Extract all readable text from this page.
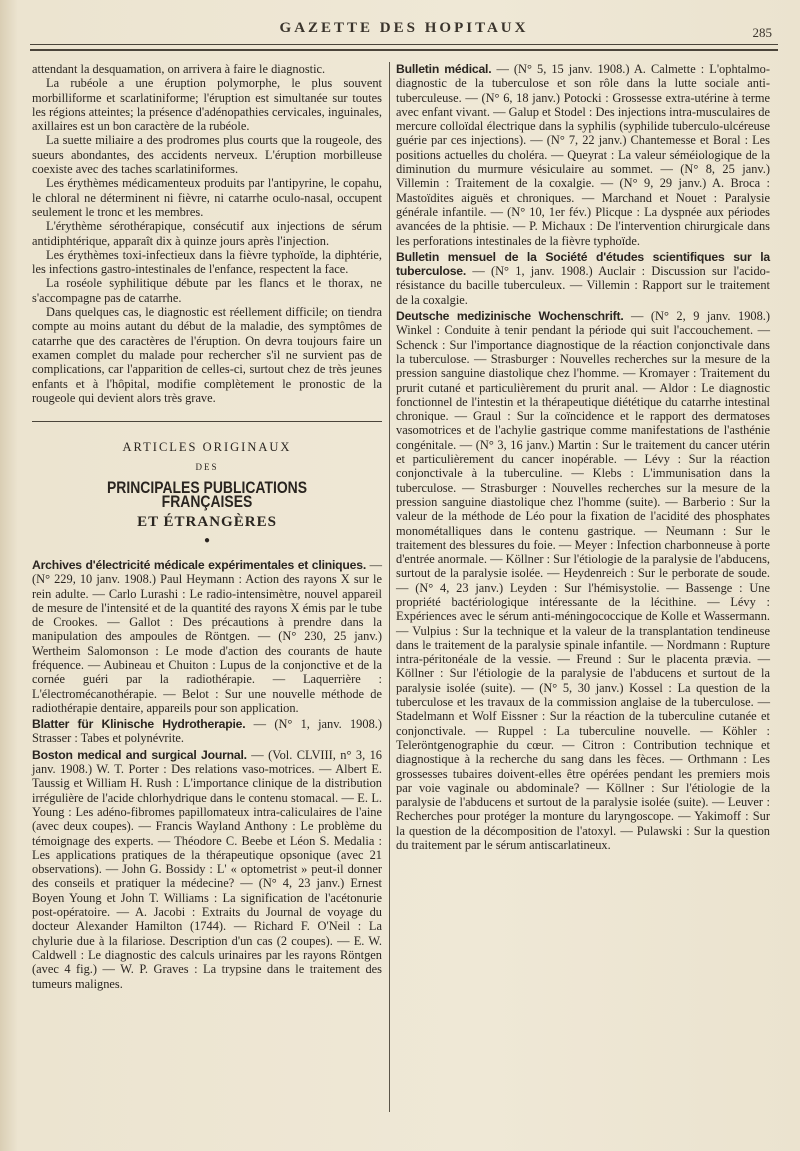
GAZETTE DES HOPITAUX	285

attendant la desquamation, on arrivera à faire le diagnostic.

La rubéole a une éruption polymorphe, le plus souvent morbilliforme et scarlatiniforme; l'éruption est simultanée sur toutes les régions atteintes; la présence d'adénopathies cervicales, inguinales, axillaires est un bon caractère de la rubéole.

La suette miliaire a des prodromes plus courts que la rougeole, des sueurs abondantes, des accidents nerveux. L'éruption morbilleuse coexiste avec des taches scarlatiniformes.

Les érythèmes médicamenteux produits par l'antipyrine, le copahu, le chloral ne déterminent ni fièvre, ni catarrhe oculo-nasal, occupent seulement le tronc et les membres.

L'érythème sérothérapique, consécutif aux injections de sérum antidiphtérique, apparaît dix à quinze jours après l'injection.

Les érythèmes toxi-infectieux dans la fièvre typhoïde, la diphtérie, les infections gastro-intestinales de l'enfance, respectent la face.

La roséole syphilitique débute par les flancs et le thorax, ne s'accompagne pas de catarrhe.

Dans quelques cas, le diagnostic est réellement difficile; on tiendra compte au moins autant du début de la maladie, des symptômes de catarrhe que des caractères de l'éruption. On devra toujours faire un examen complet du malade pour rechercher s'il ne survient pas de complications, car l'apparition de celles-ci, surtout chez de très jeunes enfants et à l'hôpital, modifie complètement le pronostic de la rougeole qui devient alors très grave.

ARTICLES ORIGINAUX
DES
PRINCIPALES PUBLICATIONS FRANÇAISES
ET ÉTRANGÈRES
●
Archives d'électricité médicale expérimentales et cliniques. — (N° 229, 10 janv. 1908.) Paul Heymann : Action des rayons X sur le rein adulte. — Carlo Lurashi : Le radio-intensimètre, nouvel appareil de mesure de l'intensité et de la quantité des rayons X émis par le tube de Crookes. — Gallot : Des précautions à prendre dans la manipulation des ampoules de Röntgen. — (N° 230, 25 janv.) Wertheim Salomonson : Le mode d'action des courants de haute fréquence. — Aubineau et Chuiton : Lupus de la conjonctive et de la cornée guéri par la radiothérapie. — Laquerrière : L'électromécanothérapie. — Belot : Sur une nouvelle méthode de radiothérapie dentaire, appareils pour son application.
Blatter für Klinische Hydrotherapie. — (N° 1, janv. 1908.) Strasser : Tabes et polynévrite.
Boston medical and surgical Journal. — (Vol. CLVIII, n° 3, 16 janv. 1908.) W. T. Porter : Des relations vaso-motrices. — Albert E. Taussig et William H. Rush : L'importance clinique de la distribution irrégulière de l'acide chlorhydrique dans le contenu stomacal. — E. L. Young : Les adéno-fibromes papillomateux intra-caliculaires de l'aine (avec deux coupes). — Francis Wayland Anthony : Le problème du témoignage des experts. — Théodore C. Beebe et Léon S. Medalia : Les applications pratiques de la thérapeutique opsonique (avec 21 observations). — John G. Bossidy : L' « optometrist » peut-il donner des conseils et pratiquer la médecine? — (N° 4, 23 janv.) Ernest Boyen Young et John T. Williams : La signification de l'acétonurie post-opératoire. — A. Jacobi : Extraits du Journal de voyage du docteur Alexander Hamilton (1744). — Richard F. O'Neil : La chylurie due à la filariose. Description d'un cas (2 coupes). — E. W. Caldwell : Le diagnostic des calculs urinaires par les rayons Röntgen (avec 4 fig.) — W. P. Graves : La trypsine dans le traitement des tumeurs malignes.
Bulletin médical. — (N° 5, 15 janv. 1908.) A. Calmette : L'ophtalmo-diagnostic de la tuberculose et son rôle dans la lutte sociale anti-tuberculeuse. — (N° 6, 18 janv.) Potocki : Grossesse extra-utérine à terme avec enfant vivant. — Galup et Stodel : Des injections intra-musculaires de mercure colloïdal électrique dans la syphilis (syphilide tuberculo-ulcéreuse guérie par ces injections). — (N° 7, 22 janv.) Chantemesse et Boral : Les positions actuelles du choléra. — Queyrat : La valeur séméiologique de la diminution du murmure vésiculaire au sommet. — (N° 8, 25 janv.) Villemin : Traitement de la coxalgie. — (N° 9, 29 janv.) A. Broca : Mastoïdites aiguës et chroniques. — Marchand et Nouet : Paralysie générale infantile. — (N° 10, 1er fév.) Plicque : La dyspnée aux périodes avancées de la phtisie. — P. Michaux : De l'intervention chirurgicale dans les perforations intestinales de la fièvre typhoïde.
Bulletin mensuel de la Société d'études scientifiques sur la tuberculose. — (N° 1, janv. 1908.) Auclair : Discussion sur l'acido-résistance du bacille tuberculeux. — Villemin : Rapport sur le traitement de la coxalgie.
Deutsche medizinische Wochenschrift. — (N° 2, 9 janv. 1908.) Winkel : Conduite à tenir pendant la période qui suit l'accouchement. — Schenck : Sur l'importance diagnostique de la réaction conjonctivale dans la tuberculose. — Strasburger : Nouvelles recherches sur la mesure de la pression sanguine diastolique chez l'homme. — Kromayer : Traitement du prurit cutané et particulièrement du prurit anal. — Aldor : Le diagnostic fonctionnel de l'intestin et la thérapeutique diététique du catarrhe intestinal chronique. — Graul : Sur la coïncidence et le rapport des dermatoses vasomotrices et de l'achylie gastrique comme manifestations de l'asthénie congénitale. — (N° 3, 16 janv.) Martin : Sur le traitement du cancer utérin et particulièrement du cancer inopérable. — Lévy : Sur la réaction conjonctivale à la tuberculine. — Klebs : L'immunisation dans la tuberculose. — Strasburger : Nouvelles recherches sur la mesure de la pression sanguine diastolique chez l'homme (suite). — Barberio : Sur la valeur de la méthode de Léo pour la fixation de l'acidité des phosphates monométalliques dans le contenu gastrique. — Neumann : Sur le traitement des blessures du foie. — Meyer : Infection charbonneuse à porte d'entrée anormale. — Köllner : Sur l'étiologie de la paralysie de l'abducens, surtout de la paralysie isolée. — Heydenreich : Sur le perborate de soude. — (N° 4, 23 janv.) Leyden : Sur l'hémisystolie. — Bassenge : Une propriété bactériologique intéressante de la lécithine. — Lévy : Expériences avec le sérum anti-méningococcique de Kolle et Wassermann. — Vulpius : Sur la technique et la valeur de la transplantation tendineuse dans le traitement de la paralysie spinale infantile. — Nordmann : Rupture intra-péritonéale de la vessie. — Freund : Sur le placenta prævia. — Köllner : Sur l'étiologie de la paralysie de l'abducens et surtout de la paralysie isolée (suite). — (N° 5, 30 janv.) Kossel : La question de la tuberculose et les travaux de la commission anglaise de la tuberculose. — Stadelmann et Wolf Eissner : Sur la réaction de la tuberculine cutanée et conjonctivale. — Ruppel : La tuberculine nouvelle. — Köhler : Teleröntgenographie du cœur. — Citron : Contribution technique et diagnostique à la recherche du sang dans les fèces. — Orthmann : Les grossesses tubaires doivent-elles être opérées pendant les premiers mois par voie vaginale ou abdominale? — Köllner : Sur l'étiologie de la paralysie de l'abducens et surtout de la paralysie isolée (suite). — Leuver : Recherches pour protéger la monture du laryngoscope. — Yakimoff : Sur la question de la décomposition de l'atoxyl. — Pulawski : Sur la question du traitement par le sérum antiscarlatineux.
